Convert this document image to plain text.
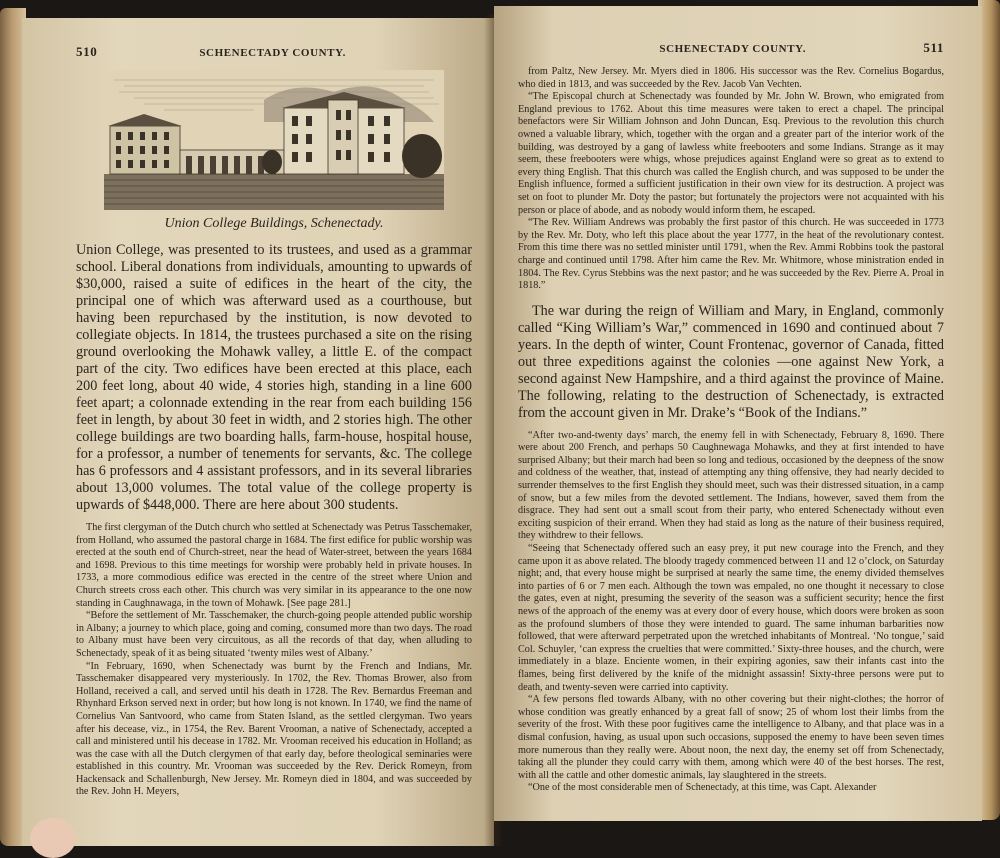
510	SCHENECTADY COUNTY.
Union College Buildings, Schenectady.

Union College, was presented to its trustees, and used as a grammar school. Liberal donations from individuals, amounting to upwards of $30,000, raised a suite of edifices in the heart of the city, the principal one of which was afterward used as a courthouse, but having been repurchased by the institution, is now devoted to collegiate objects. In 1814, the trustees purchased a site on the rising ground overlooking the Mohawk valley, a little E. of the compact part of the city. Two edifices have been erected at this place, each 200 feet long, about 40 wide, 4 stories high, standing in a line 600 feet apart; a colonnade extending in the rear from each building 156 feet in length, by about 30 feet in width, and 2 stories high. The other college buildings are two boarding halls, farm-house, hospital house, for a professor, a number of tenements for servants, &c. The college has 6 professors and 4 assistant professors, and in its several libraries about 13,000 volumes. The total value of the college property is upwards of $448,000. There are here about 300 students.

The first clergyman of the Dutch church who settled at Schenectady was Petrus Tasschemaker, from Holland, who assumed the pastoral charge in 1684. The first edifice for public worship was erected at the south end of Church-street, near the head of Water-street, between the years 1684 and 1698. Previous to this time meetings for worship were probably held in private houses. In 1733, a more commodious edifice was erected in the centre of the street where Union and Church streets cross each other. This church was very similar in its appearance to the one now standing in Caughnawaga, in the town of Mohawk. [See page 281.]

“Before the settlement of Mr. Tasschemaker, the church-going people attended public worship in Albany; a journey to which place, going and coming, consumed more than two days. The road to Albany must have been very circuitous, as all the records of that day, when alluding to Schenectady, speak of it as being situated ‘twenty miles west of Albany.’

“In February, 1690, when Schenectady was burnt by the French and Indians, Mr. Tasschemaker disappeared very mysteriously. In 1702, the Rev. Thomas Brower, also from Holland, received a call, and served until his death in 1728. The Rev. Bernardus Freeman and Rhynhard Erkson served next in order; but how long is not known. In 1740, we find the name of Cornelius Van Santvoord, who came from Staten Island, as the settled clergyman. Two years after his decease, viz., in 1754, the Rev. Barent Vrooman, a native of Schenectady, accepted a call and ministered until his decease in 1782. Mr. Vrooman received his education in Holland; as was the case with all the Dutch clergymen of that early day, before theological seminaries were established in this country. Mr. Vrooman was succeeded by the Rev. Derick Romeyn, from Hackensack and Schallenburgh, New Jersey. Mr. Romeyn died in 1804, and was succeeded by the Rev. John H. Meyers,

SCHENECTADY COUNTY.	511

from Paltz, New Jersey. Mr. Myers died in 1806. His successor was the Rev. Cornelius Bogardus, who died in 1813, and was succeeded by the Rev. Jacob Van Vechten.

“The Episcopal church at Schenectady was founded by Mr. John W. Brown, who emigrated from England previous to 1762. About this time measures were taken to erect a chapel. The principal benefactors were Sir William Johnson and John Duncan, Esq. Previous to the revolution this church owned a valuable library, which, together with the organ and a greater part of the interior work of the building, was destroyed by a gang of lawless white freebooters and some Indians. Strange as it may seem, these freebooters were whigs, whose prejudices against England were so great as to extend to every thing English. That this church was called the English church, and was supposed to be under the English influence, formed a sufficient justification in their own view for its destruction. A project was set on foot to plunder Mr. Doty the pastor; but fortunately the projectors were not acquainted with his person or place of abode, and as nobody would inform them, he escaped.

“The Rev. William Andrews was probably the first pastor of this church. He was succeeded in 1773 by the Rev. Mr. Doty, who left this place about the year 1777, in the heat of the revolutionary contest. From this time there was no settled minister until 1791, when the Rev. Ammi Robbins took the pastoral charge and continued until 1798. After him came the Rev. Mr. Whitmore, whose ministration ended in 1804. The Rev. Cyrus Stebbins was the next pastor; and he was succeeded by the Rev. Pierre A. Proal in 1818.”

The war during the reign of William and Mary, in England, commonly called “King William’s War,” commenced in 1690 and continued about 7 years. In the depth of winter, Count Frontenac, governor of Canada, fitted out three expeditions against the colonies —one against New York, a second against New Hampshire, and a third against the province of Maine. The following, relating to the destruction of Schenectady, is extracted from the account given in Mr. Drake’s “Book of the Indians.”

“After two-and-twenty days’ march, the enemy fell in with Schenectady, February 8, 1690. There were about 200 French, and perhaps 50 Caughnewaga Mohawks, and they at first intended to have surprised Albany; but their march had been so long and tedious, occasioned by the deepness of the snow and coldness of the weather, that, instead of attempting any thing offensive, they had nearly decided to surrender themselves to the first English they should meet, such was their distressed situation, in a camp of snow, but a few miles from the devoted settlement. The Indians, however, saved them from the disgrace. They had sent out a small scout from their party, who entered Schenectady without even exciting suspicion of their errand. When they had staid as long as the nature of their business required, they withdrew to their fellows.

“Seeing that Schenectady offered such an easy prey, it put new courage into the French, and they came upon it as above related. The bloody tragedy commenced between 11 and 12 o’clock, on Saturday night; and, that every house might be surprised at nearly the same time, the enemy divided themselves into parties of 6 or 7 men each. Although the town was empaled, no one thought it necessary to close the gates, even at night, presuming the severity of the season was a sufficient security; hence the first news of the approach of the enemy was at every door of every house, which doors were broken as soon as the profound slumbers of those they were intended to guard. The same inhuman barbarities now followed, that were afterward perpetrated upon the wretched inhabitants of Montreal. ‘No tongue,’ said Col. Schuyler, ‘can express the cruelties that were committed.’ Sixty-three houses, and the church, were immediately in a blaze. Enciente women, in their expiring agonies, saw their infants cast into the flames, being first delivered by the knife of the midnight assassin! Sixty-three persons were put to death, and twenty-seven were carried into captivity.

“A few persons fled towards Albany, with no other covering but their night-clothes; the horror of whose condition was greatly enhanced by a great fall of snow; 25 of whom lost their limbs from the severity of the frost. With these poor fugitives came the intelligence to Albany, and that place was in a dismal confusion, having, as usual upon such occasions, supposed the enemy to have been seven times more numerous than they really were. About noon, the next day, the enemy set off from Schenectady, taking all the plunder they could carry with them, among which were 40 of the best horses. The rest, with all the cattle and other domestic animals, lay slaughtered in the streets.

“One of the most considerable men of Schenectady, at this time, was Capt. Alexander
